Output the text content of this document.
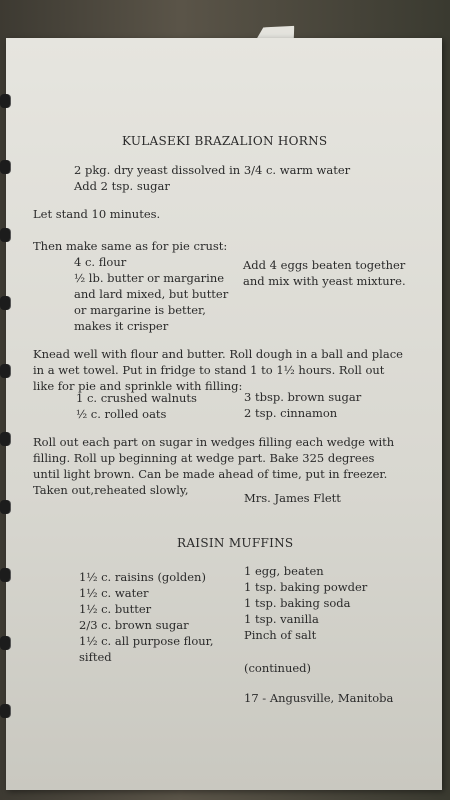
KULASEKI BRAZALION HORNS
2 pkg. dry yeast dissolved in 3/4 c. warm water
Add 2 tsp. sugar
Let stand 10 minutes.
Then make same as for pie crust:
4 c. flour
½ lb. butter or margarine
and lard mixed, but butter
or margarine is better,
makes it crisper
Add 4 eggs beaten together
and mix with yeast mixture.
Knead well with flour and butter. Roll dough in a ball and place
in a wet towel. Put in fridge to stand 1 to 1½ hours. Roll out
like for pie and sprinkle with filling:
1 c. crushed walnuts
½ c. rolled oats
3 tbsp. brown sugar
2 tsp. cinnamon
Roll out each part on sugar in wedges filling each wedge with
filling. Roll up beginning at wedge part. Bake 325 degrees
until light brown. Can be made ahead of time, put in freezer.
Taken out,reheated slowly,
Mrs. James Flett
RAISIN MUFFINS
1½ c. raisins (golden)
1½ c. water
1½ c. butter
2/3 c. brown sugar
1½ c. all purpose flour,
sifted
1 egg, beaten
1 tsp. baking powder
1 tsp. baking soda
1 tsp. vanilla
Pinch of salt
(continued)
17 - Angusville, Manitoba
